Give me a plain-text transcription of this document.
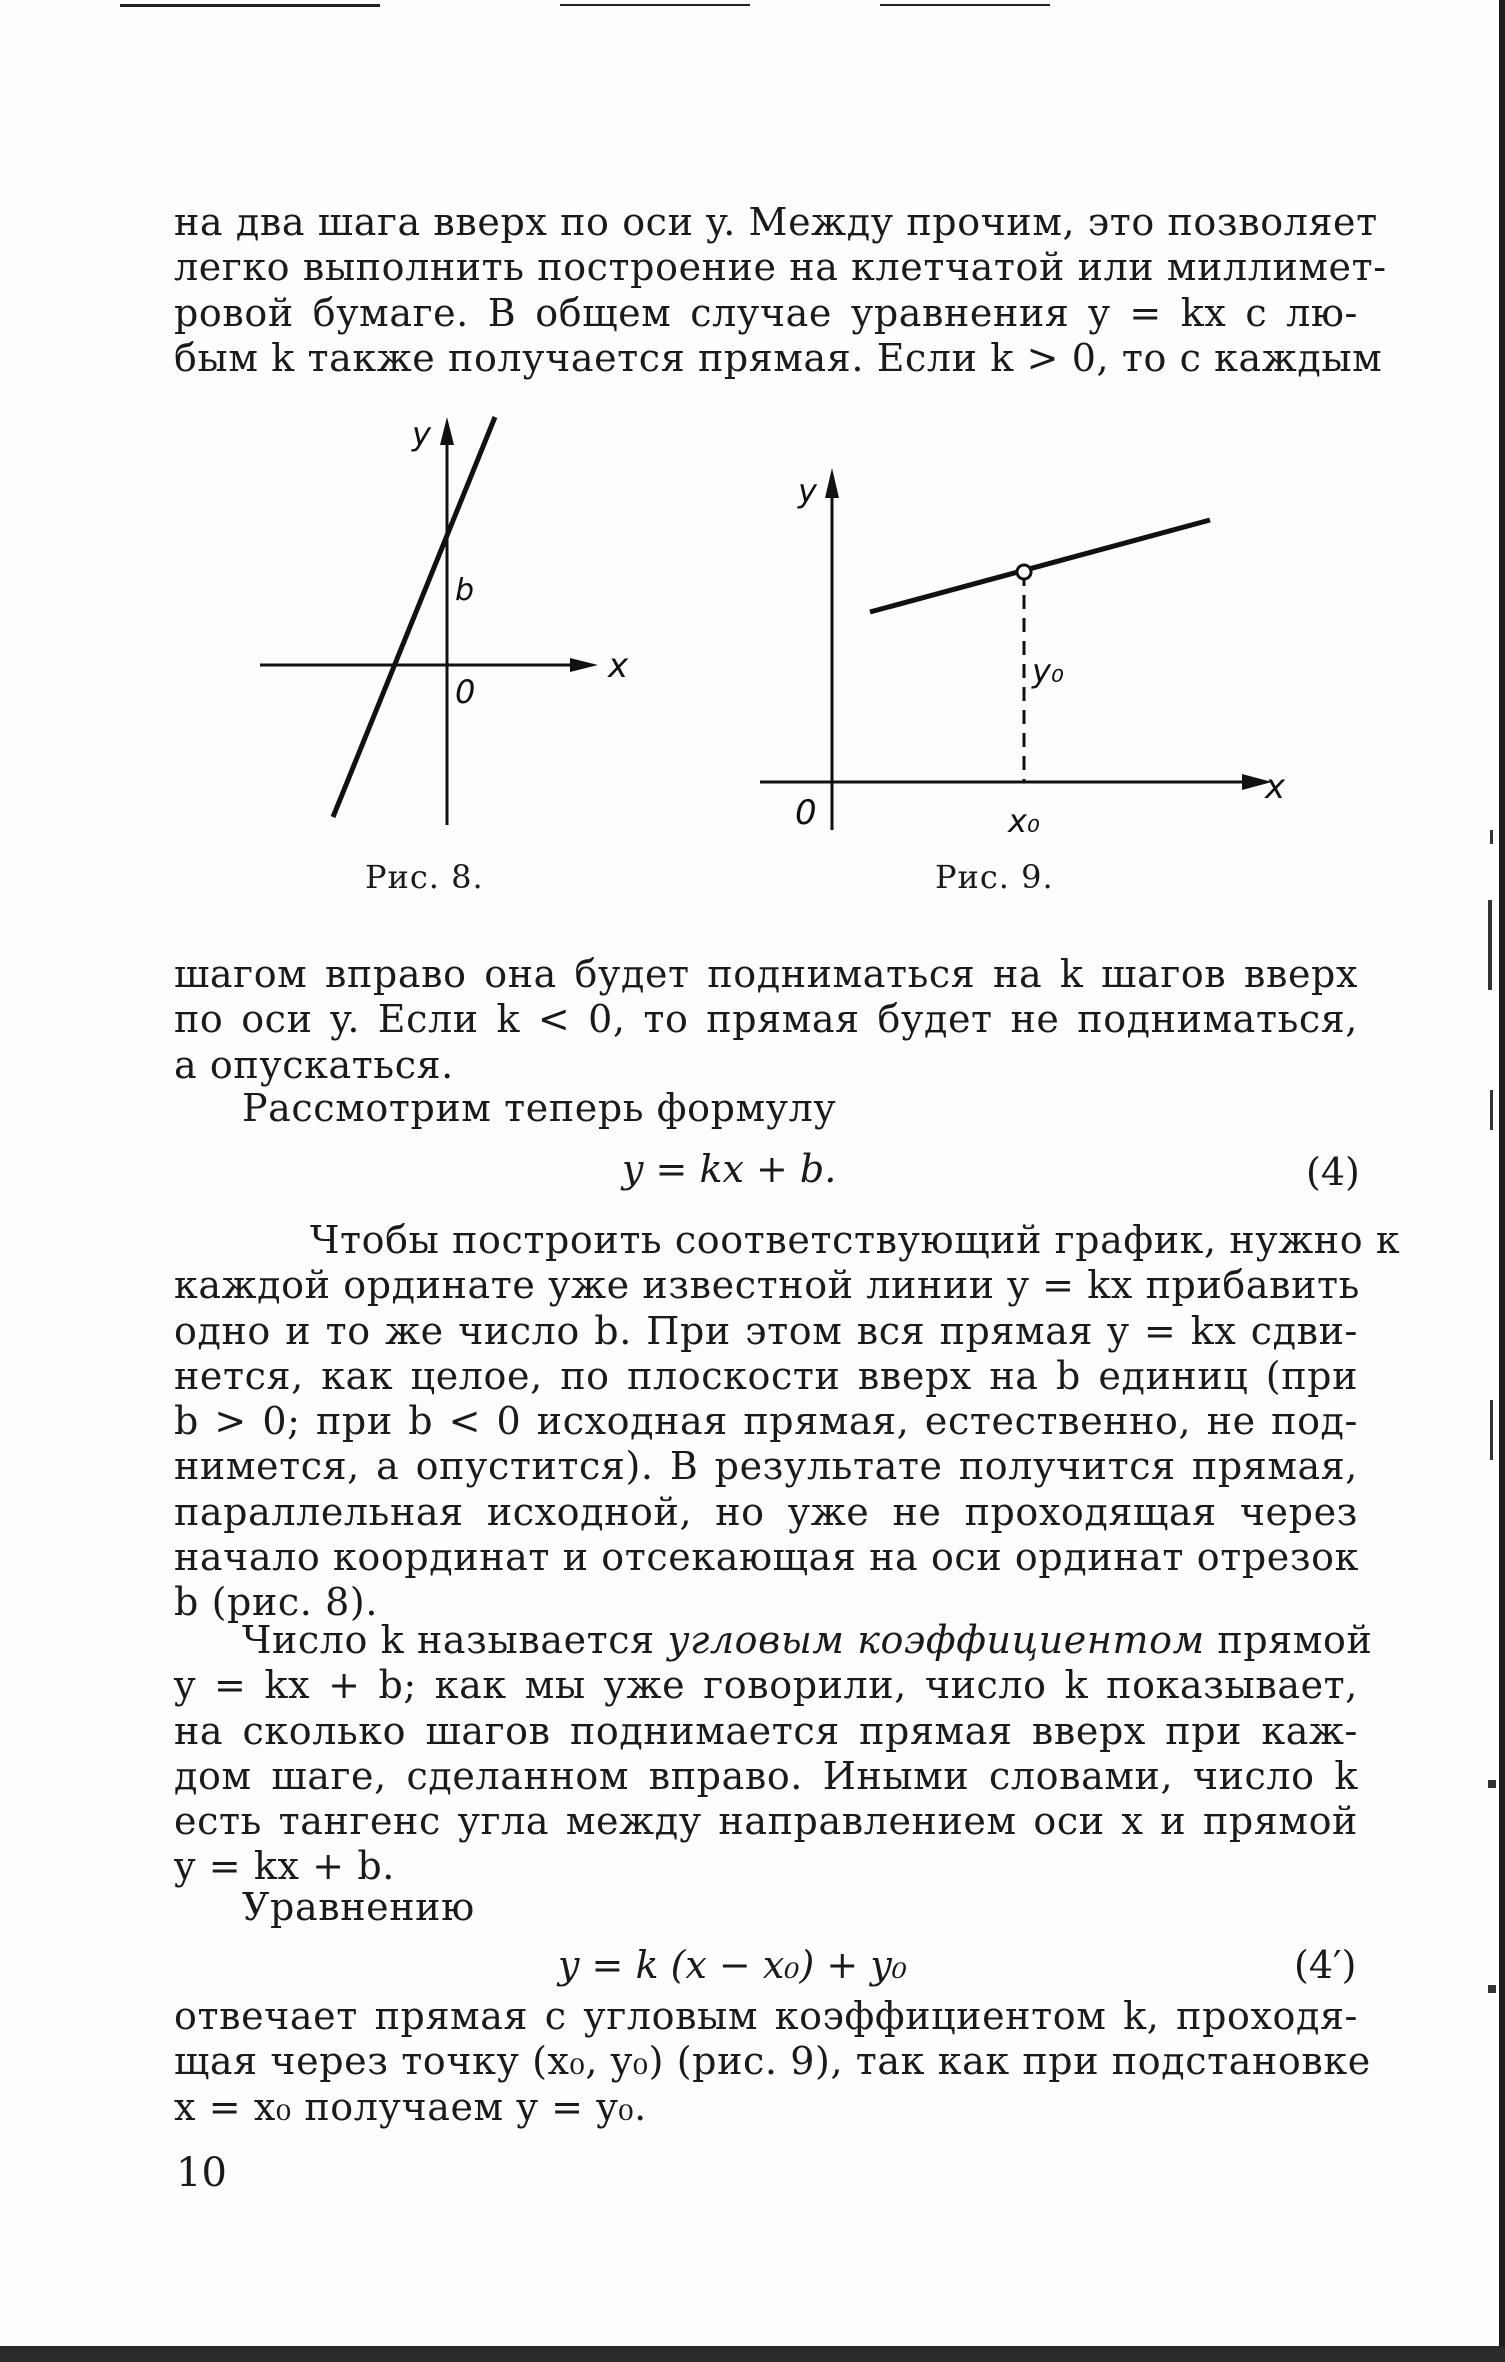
на два шага вверх по оси y. Между прочим, это позволяет
легко выполнить построение на клетчатой или миллимет-
ровой бумаге. В общем случае уравнения y = kx с лю-
бым k также получается прямая. Если k > 0, то с каждым
y
x
b
0
Рис. 8.
y
x
0	x₀
y₀
Рис. 9.
шагом вправо она будет подниматься на k шагов вверх
по оси y. Если k < 0, то прямая будет не подниматься,
а опускаться.
Рассмотрим теперь формулу
y = kx + b.	(4)
Чтобы построить соответствующий график, нужно к
каждой ординате уже известной линии y = kx прибавить
одно и то же число b. При этом вся прямая y = kx сдви-
нется, как целое, по плоскости вверх на b единиц (при
b > 0; при b < 0 исходная прямая, естественно, не под-
нимется, а опустится). В результате получится прямая,
параллельная исходной, но уже не проходящая через
начало координат и отсекающая на оси ординат отрезок
b (рис. 8).
Число k называется угловым коэффициентом прямой
y = kx + b; как мы уже говорили, число k показывает,
на сколько шагов поднимается прямая вверх при каж-
дом шаге, сделанном вправо. Иными словами, число k
есть тангенс угла между направлением оси x и прямой
y = kx + b.
Уравнению
y = k (x − x₀) + y₀	(4′)
отвечает прямая с угловым коэффициентом k, проходя-
щая через точку (x₀, y₀) (рис. 9), так как при подстановке
x = x₀ получаем y = y₀.
10
